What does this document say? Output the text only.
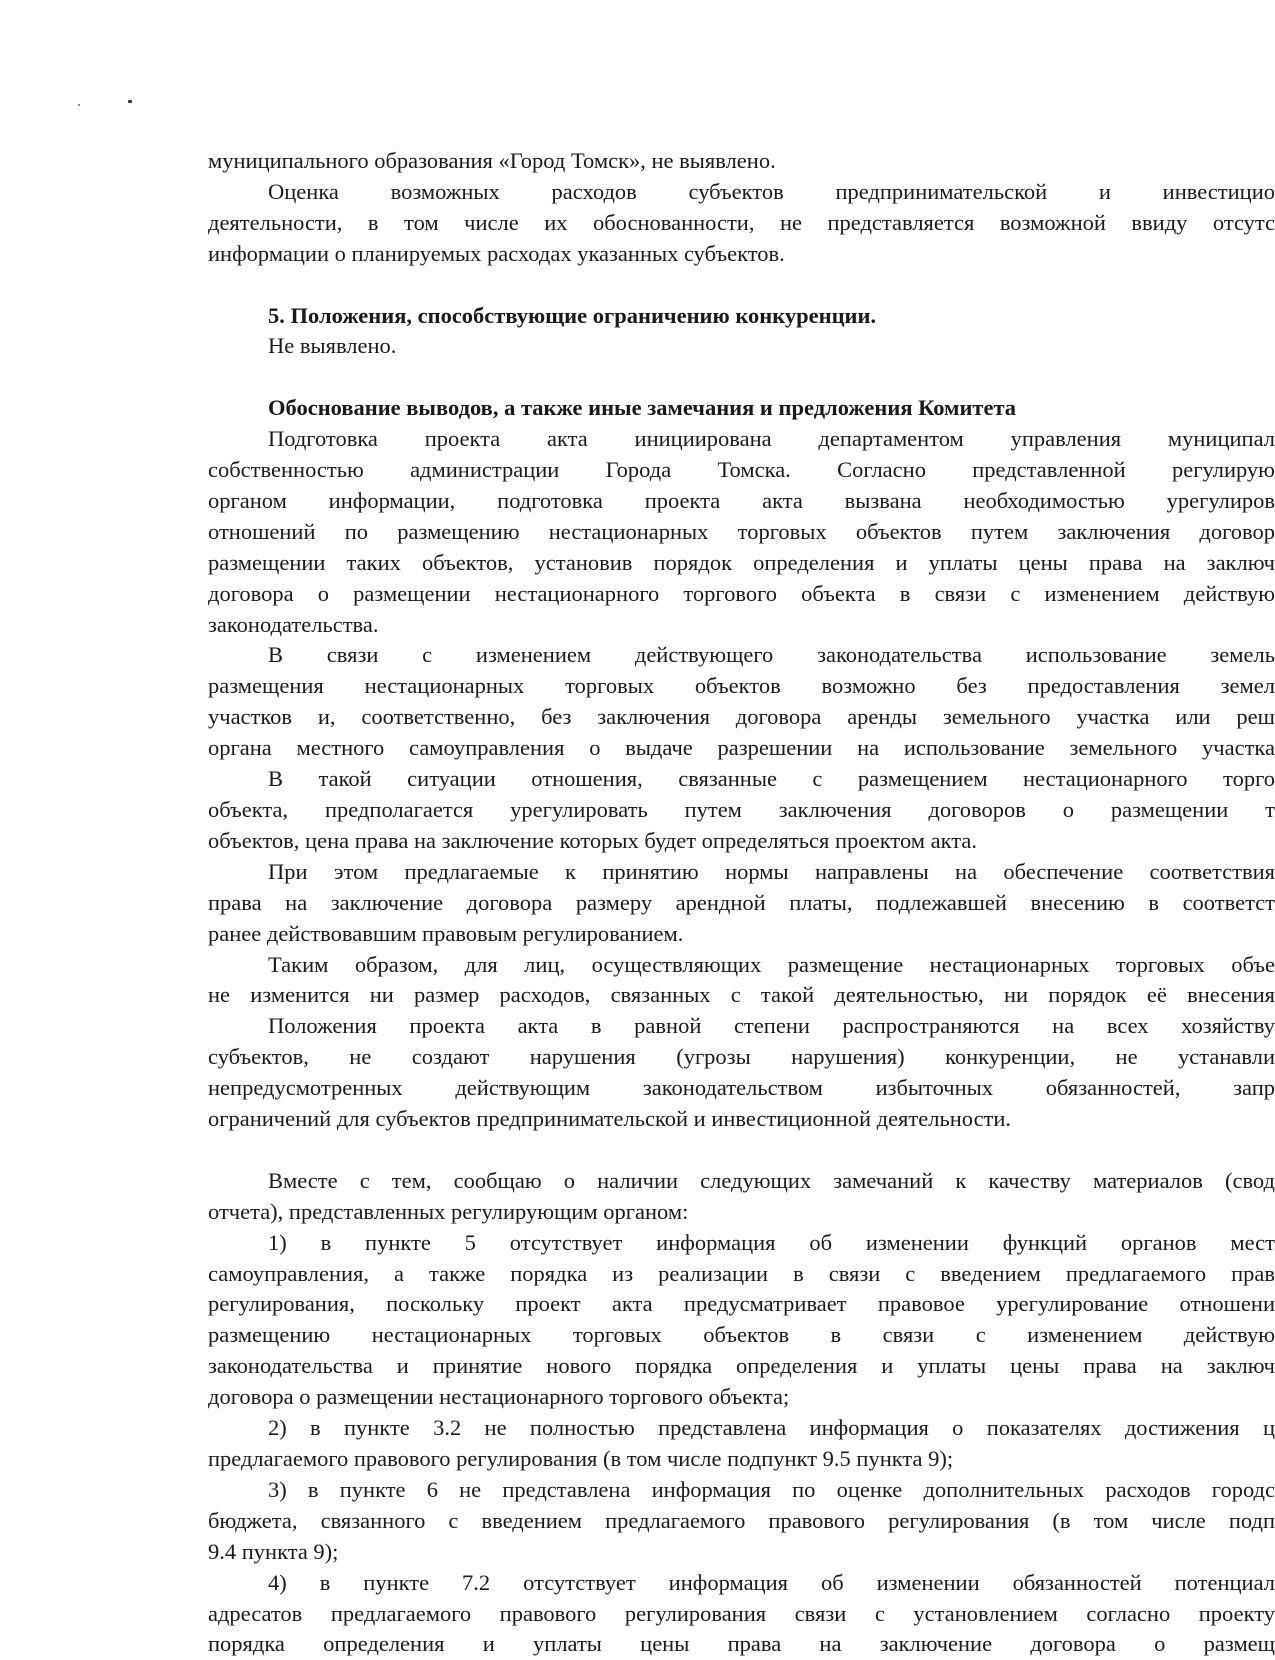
муниципального образования «Город Томск», не выявлено.

Оценка возможных расходов субъектов предпринимательской и инвестицио

деятельности, в том числе их обоснованности, не представляется возможной ввиду отсутс

информации о планируемых расходах указанных субъектов.

5. Положения, способствующие ограничению конкуренции.

Не выявлено.

Обоснование выводов, а также иные замечания и предложения Комитета

Подготовка проекта акта инициирована департаментом управления муниципал

собственностью администрации Города Томска. Согласно представленной регулирую

органом информации, подготовка проекта акта вызвана необходимостью урегулиров

отношений по размещению нестационарных торговых объектов путем заключения договор

размещении таких объектов, установив порядок определения и уплаты цены права на заключ

договора о размещении нестационарного торгового объекта в связи с изменением действую

законодательства.

В связи с изменением действующего законодательства использование земель

размещения нестационарных торговых объектов возможно без предоставления земел

участков и, соответственно, без заключения договора аренды земельного участка или реш

органа местного самоуправления о выдаче разрешении на использование земельного участка

В такой ситуации отношения, связанные с размещением нестационарного торго

объекта, предполагается урегулировать путем заключения договоров о размещении т

объектов, цена права на заключение которых будет определяться проектом акта.

При этом предлагаемые к принятию нормы направлены на обеспечение соответствия

права на заключение договора размеру арендной платы, подлежавшей внесению в соответст

ранее действовавшим правовым регулированием.

Таким образом, для лиц, осуществляющих размещение нестационарных торговых объе

не изменится ни размер расходов, связанных с такой деятельностью, ни порядок её внесения

Положения проекта акта в равной степени распространяются на всех хозяйству

субъектов, не создают нарушения (угрозы нарушения) конкуренции, не устанавли

непредусмотренных действующим законодательством избыточных обязанностей, запр

ограничений для субъектов предпринимательской и инвестиционной деятельности.

Вместе с тем, сообщаю о наличии следующих замечаний к качеству материалов (свод

отчета), представленных регулирующим органом:

1) в пункте 5 отсутствует информация об изменении функций органов мест

самоуправления, а также порядка из реализации в связи с введением предлагаемого прав

регулирования, поскольку проект акта предусматривает правовое урегулирование отношени

размещению нестационарных торговых объектов в связи с изменением действую

законодательства и принятие нового порядка определения и уплаты цены права на заключ

договора о размещении нестационарного торгового объекта;

2) в пункте 3.2 не полностью представлена информация о показателях достижения ц

предлагаемого правового регулирования (в том числе подпункт 9.5 пункта 9);

3) в пункте 6 не представлена информация по оценке дополнительных расходов городс

бюджета, связанного с введением предлагаемого правового регулирования (в том числе подп

9.4 пункта 9);

4) в пункте 7.2 отсутствует информация об изменении обязанностей потенциал

адресатов предлагаемого правового регулирования связи с установлением согласно проекту

порядка определения и уплаты цены права на заключение договора о размещ
